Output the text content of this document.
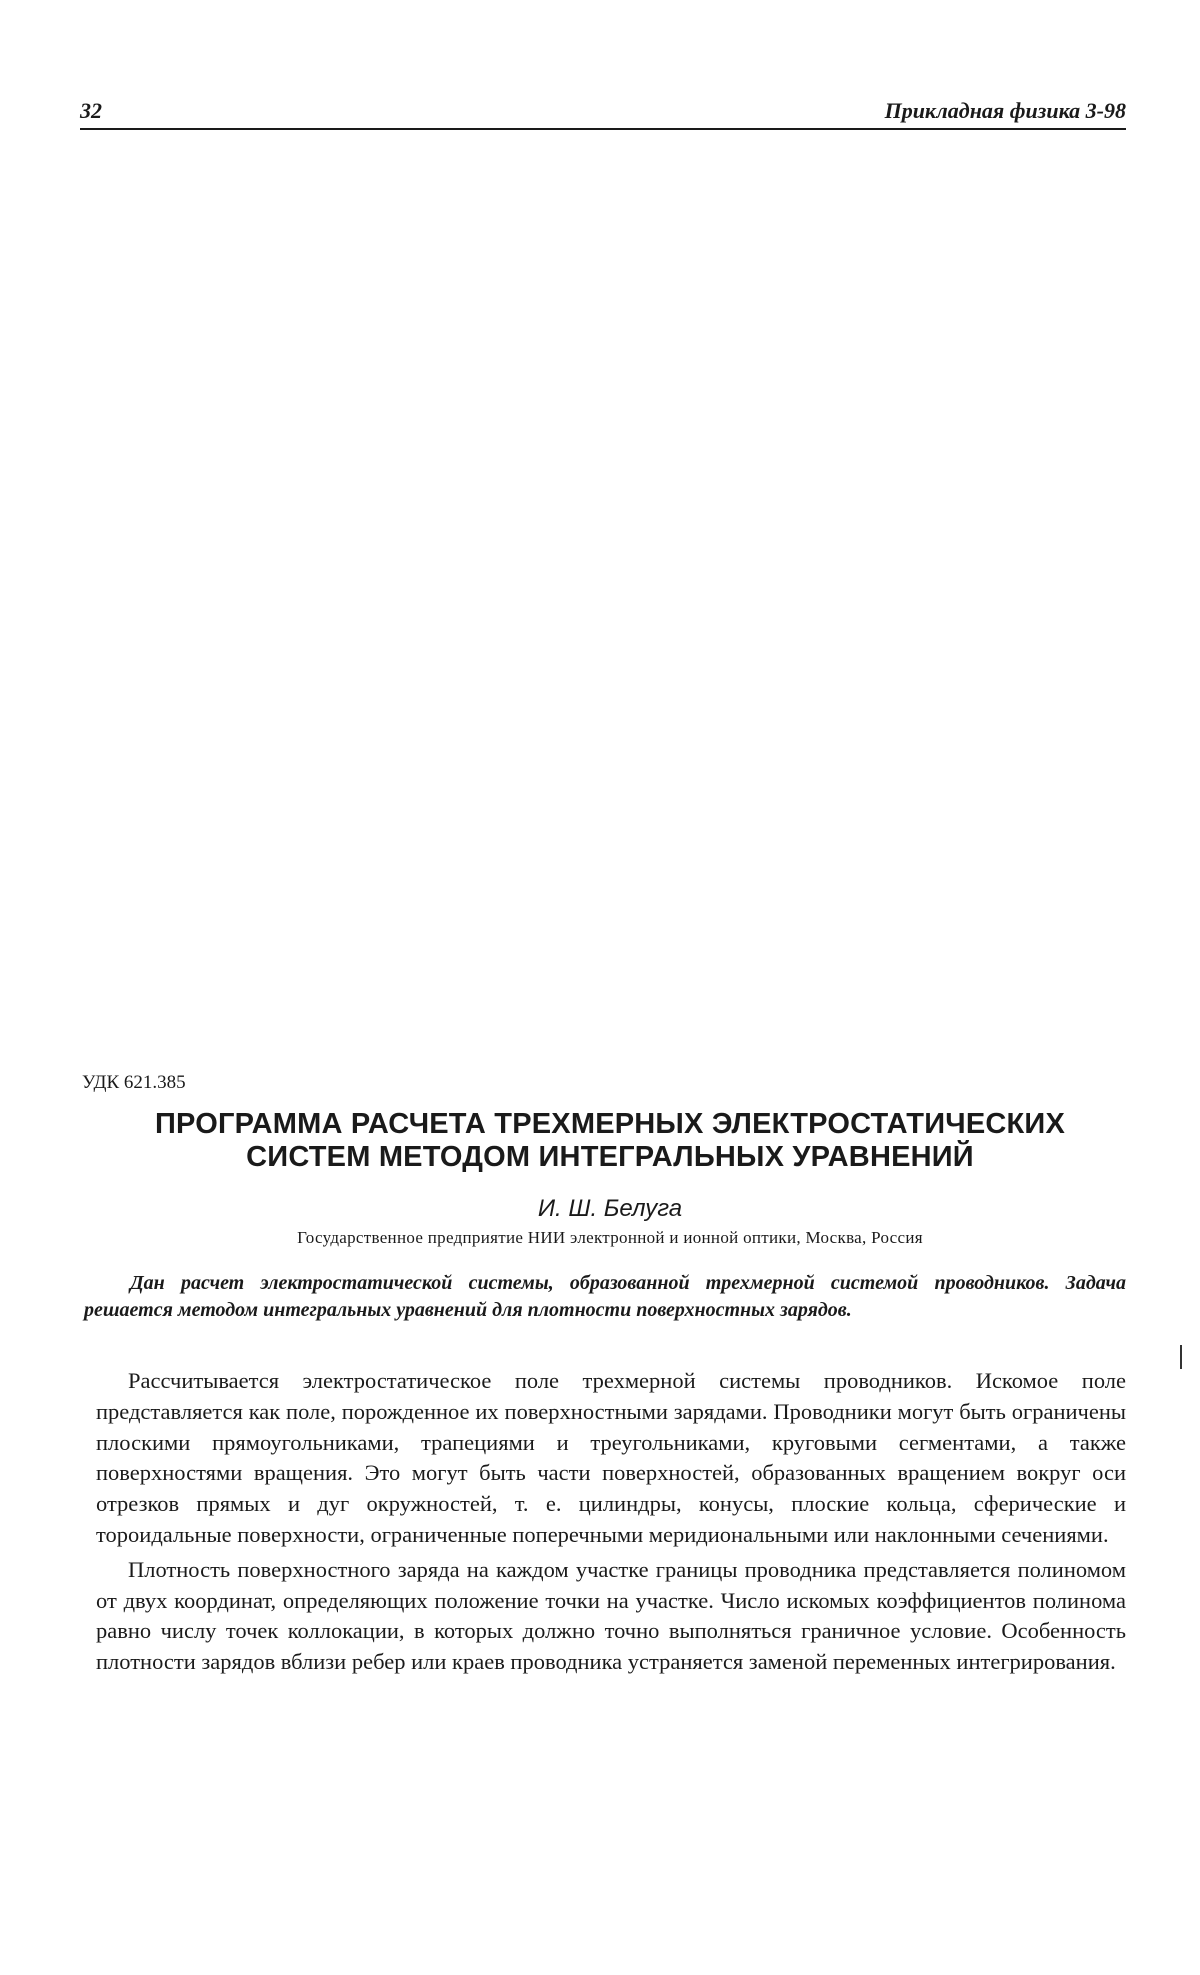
32	Прикладная физика 3-98
УДК 621.385
ПРОГРАММА РАСЧЕТА ТРЕХМЕРНЫХ ЭЛЕКТРОСТАТИЧЕСКИХ
СИСТЕМ МЕТОДОМ ИНТЕГРАЛЬНЫХ УРАВНЕНИЙ
И. Ш. Белуга
Государственное предприятие НИИ электронной и ионной оптики, Москва, Россия

Дан расчет электростатической системы, образованной трехмерной системой проводников. Задача решается методом интегральных уравнений для плотности поверхностных зарядов.

Рассчитывается электростатическое поле трехмерной системы проводников. Искомое поле представляется как поле, порожденное их поверхностными зарядами. Проводники могут быть ограничены плоскими прямоугольниками, трапециями и треугольниками, круговыми сегментами, а также поверхностями вращения. Это могут быть части поверхностей, образованных вращением вокруг оси отрезков прямых и дуг окружностей, т. е. цилиндры, конусы, плоские кольца, сферические и тороидальные поверхности, ограниченные поперечными меридиональными или наклонными сечениями.

Плотность поверхностного заряда на каждом участке границы проводника представляется полиномом от двух координат, определяющих положение точки на участке. Число искомых коэффициентов полинома равно числу точек коллокации, в которых должно точно выполняться граничное условие. Особенность плотности зарядов вблизи ребер или краев проводника устраняется заменой переменных интегрирования.
